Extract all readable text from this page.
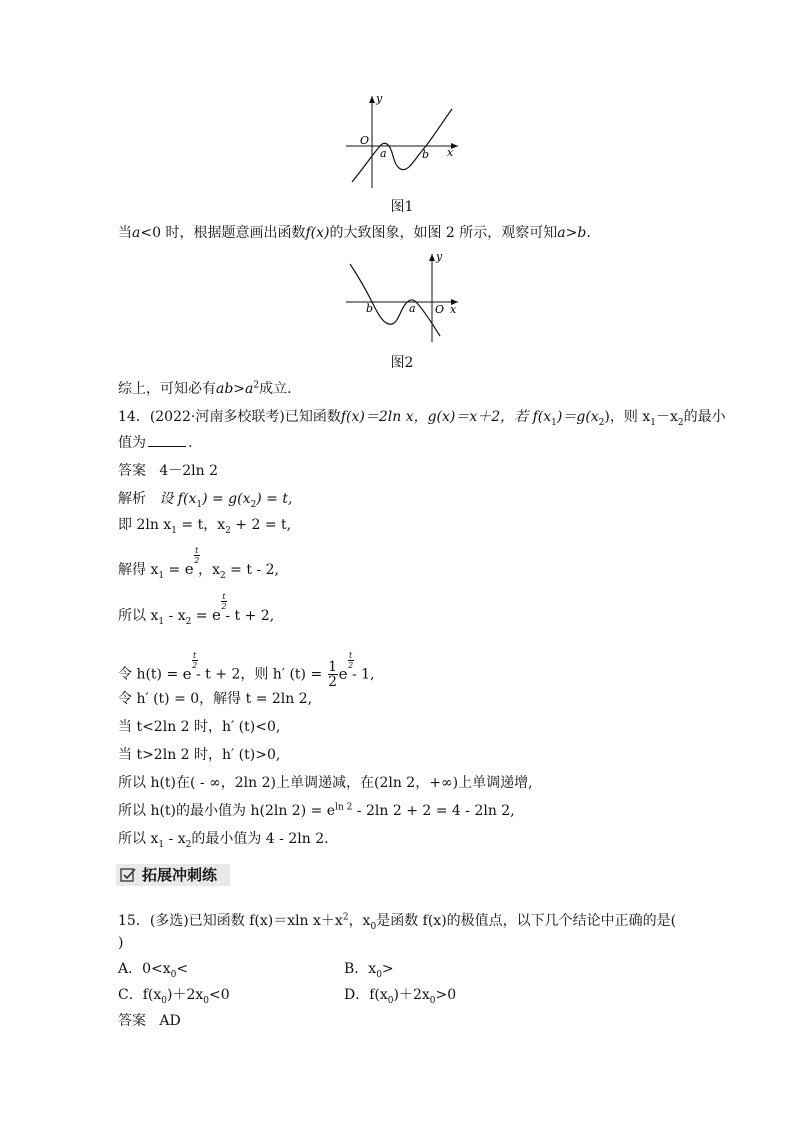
y
x
O
a	b
图1
当a<0 时，根据题意画出函数f(x)的大致图象，如图 2 所示，观察可知a>b.
y
x
O
a
b
图2
综上，可知必有$ab>a^2$成立．
14．(2022·河南多校联考)已知函数f(x)＝2ln x，g(x)＝x＋2，若 $f(x_1)=g(x_2)$，则 $x_1-x_2$的最小
值为	.
答案 4－2ln 2
解析 设 $f(x_1) = g(x_2) = t$,
即 2ln $x_1 = t$，$x_2 + 2 = t$,
解得 $x_1 = e$
t
2
，$x_2 = t - 2$,
所以 $x_1 - x_2 = e$
t
2
- t + 2,
令 h(t) = e
t
2
- t + 2，则 h′ $(t) = \frac{1}{2}e$
t
2
- 1,
令 h′ (t) = 0，解得 t = 2ln 2,
当 t<2ln 2 时，h′ (t)<0,
当 t>2ln 2 时，h′ (t)>0,
所以 h(t)在( - ∞，2ln 2)上单调递减，在(2ln 2，+∞)上单调递增,
所以 h(t)的最小值为 h(2ln $2) = e^{ln 2} - 2\ln$ 2 + 2 = 4 - 2ln 2,
所以 $x_1 - x_2$的最小值为 4 - 2ln 2.
拓展冲刺练
15．(多选)已知函数 f(x)＝xln $x+x^2$，$x_0$是函数 f(x)的极值点，以下几个结论中正确的是(
)
A．$0<x_0<$	B．$x_0>$
C．$f(x_0)+2x_0<0$	D．$f(x_0)+2x_0>0$
答案 AD
